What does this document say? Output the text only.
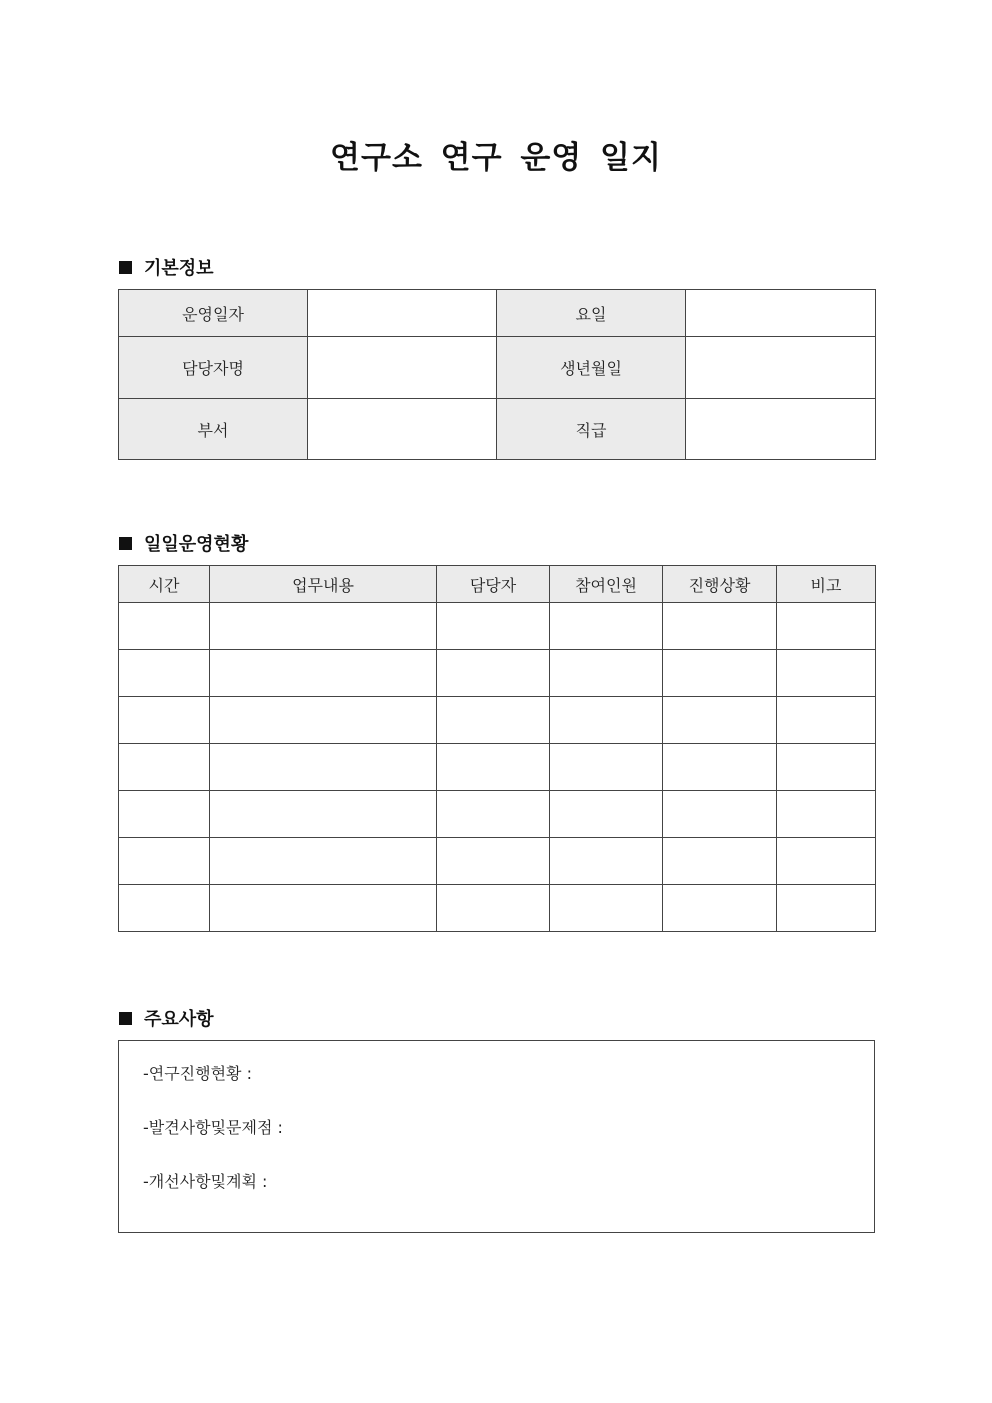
연구소 연구 운영 일지
기본정보
운영일자		요일	
담당자명		생년월일	
부서		직급	
일일운영현황
시간	업무내용	담당자	참여인원	진행상황	비고

주요사항
-연구진행현황 :
-발견사항및문제점 :
-개선사항및계획 :
